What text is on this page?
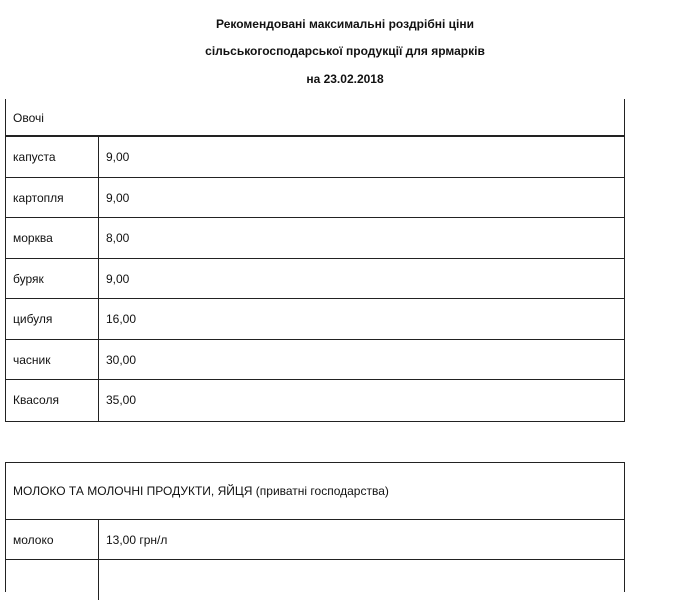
Рекомендовані максимальні роздрібні ціни
сільськогосподарської продукції для ярмарків
на 23.02.2018
Овочі
капуста	9,00
картопля	9,00
морква	8,00
буряк	9,00
цибуля	16,00
часник	30,00
Квасоля	35,00
МОЛОКО ТА МОЛОЧНІ ПРОДУКТИ, ЯЙЦЯ (приватні господарства)
молоко	13,00 грн/л
